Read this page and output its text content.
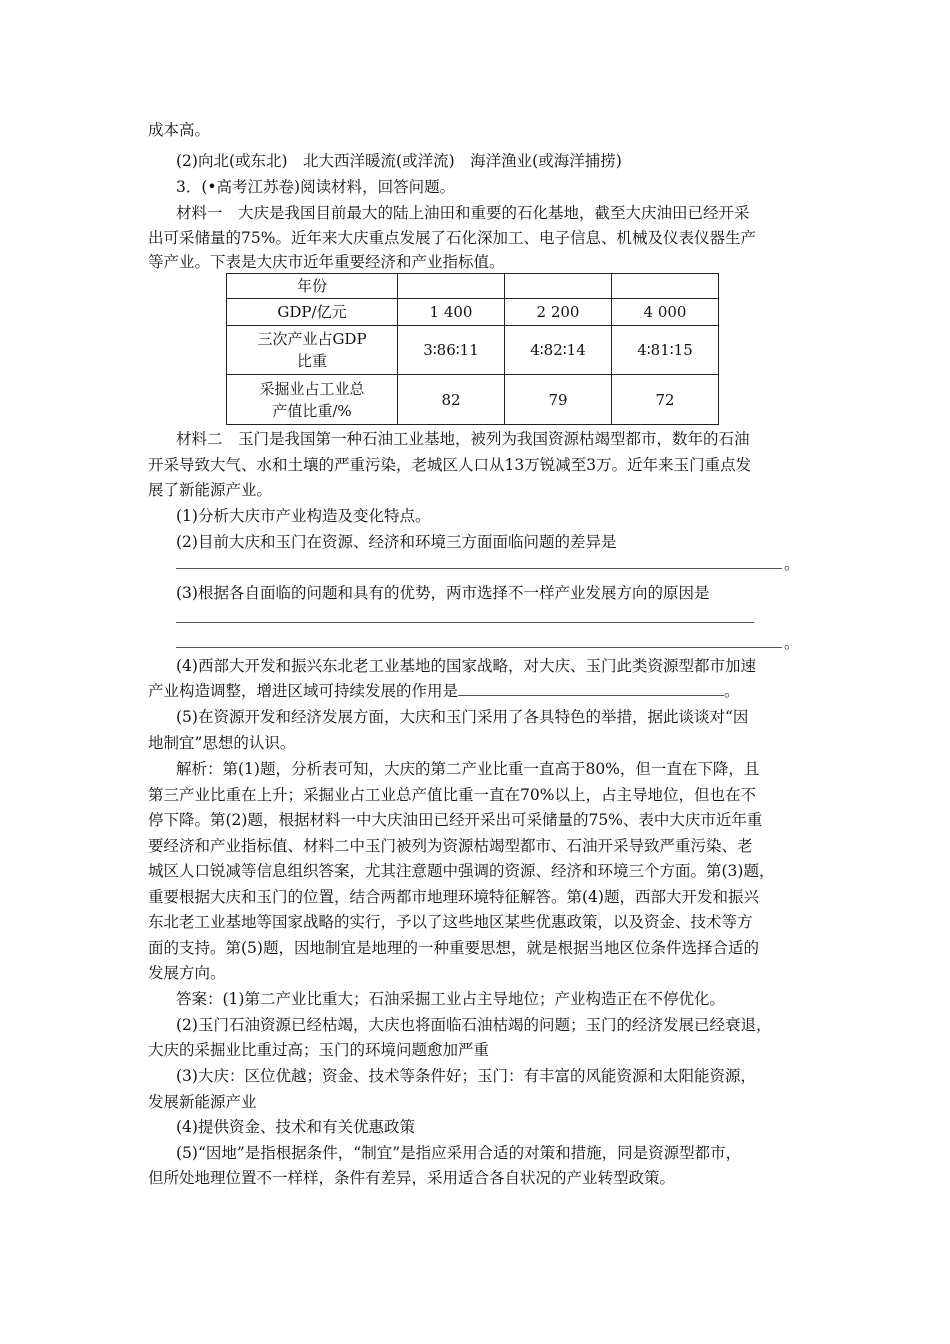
成本高。
(2)向北(或东北)　北大西洋暖流(或洋流)　海洋渔业(或海洋捕捞)
3．(•高考江苏卷)阅读材料，回答问题。
材料一　大庆是我国目前最大的陆上油田和重要的石化基地，截至大庆油田已经开采
出可采储量的75%。近年来大庆重点发展了石化深加工、电子信息、机械及仪表仪器生产
等产业。下表是大庆市近年重要经济和产业指标值。
年份			
GDP/亿元	1 400	2 200	4 000
三次产业占GDP
比重	3∶86∶11	4∶82∶14	4∶81∶15
采掘业占工业总
产值比重/%	82	79	72
材料二　玉门是我国第一种石油工业基地，被列为我国资源枯竭型都市，数年的石油
开采导致大气、水和土壤的严重污染，老城区人口从13万锐减至3万。近年来玉门重点发
展了新能源产业。
(1)分析大庆市产业构造及变化特点。
(2)目前大庆和玉门在资源、经济和环境三方面面临问题的差异是
。
(3)根据各自面临的问题和具有的优势，两市选择不一样产业发展方向的原因是
。
(4)西部大开发和振兴东北老工业基地的国家战略，对大庆、玉门此类资源型都市加速
产业构造调整，增进区域可持续发展的作用是	。
(5)在资源开发和经济发展方面，大庆和玉门采用了各具特色的举措，据此谈谈对“因
地制宜”思想的认识。
解析：第(1)题，分析表可知，大庆的第二产业比重一直高于80%，但一直在下降，且
第三产业比重在上升；采掘业占工业总产值比重一直在70%以上，占主导地位，但也在不
停下降。第(2)题，根据材料一中大庆油田已经开采出可采储量的75%、表中大庆市近年重
要经济和产业指标值、材料二中玉门被列为资源枯竭型都市、石油开采导致严重污染、老
城区人口锐减等信息组织答案，尤其注意题中强调的资源、经济和环境三个方面。第(3)题，
重要根据大庆和玉门的位置，结合两都市地理环境特征解答。第(4)题，西部大开发和振兴
东北老工业基地等国家战略的实行，予以了这些地区某些优惠政策，以及资金、技术等方
面的支持。第(5)题，因地制宜是地理的一种重要思想，就是根据当地区位条件选择合适的
发展方向。
答案：(1)第二产业比重大；石油采掘工业占主导地位；产业构造正在不停优化。
(2)玉门石油资源已经枯竭，大庆也将面临石油枯竭的问题；玉门的经济发展已经衰退，
大庆的采掘业比重过高；玉门的环境问题愈加严重
(3)大庆：区位优越；资金、技术等条件好；玉门：有丰富的风能资源和太阳能资源，
发展新能源产业
(4)提供资金、技术和有关优惠政策
(5)“因地”是指根据条件，“制宜”是指应采用合适的对策和措施，同是资源型都市，
但所处地理位置不一样样，条件有差异，采用适合各自状况的产业转型政策。
